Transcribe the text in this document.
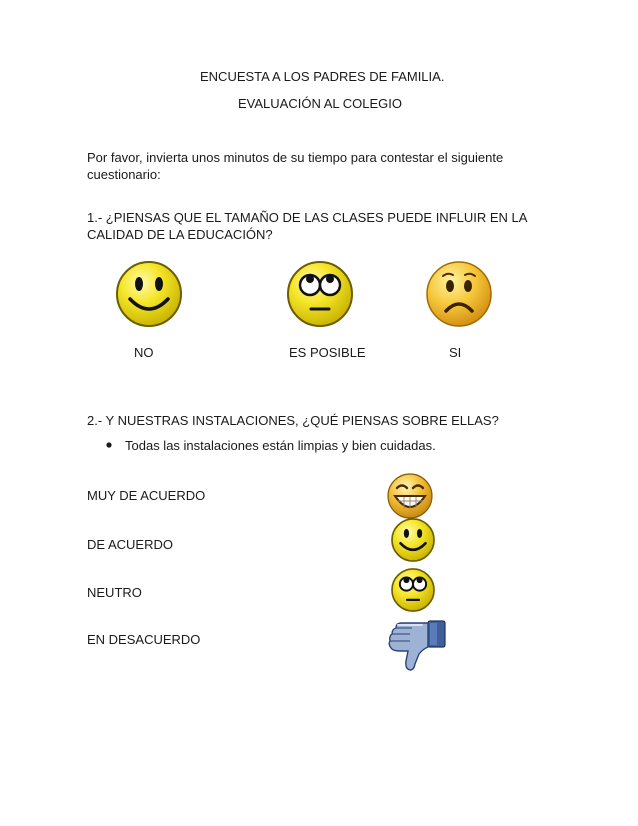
ENCUESTA A LOS PADRES DE FAMILIA.
EVALUACIÓN AL COLEGIO
Por favor, invierta unos minutos de su tiempo para contestar el siguiente
cuestionario:
1.- ¿PIENSAS QUE EL TAMAÑO DE LAS CLASES PUEDE INFLUIR EN LA
CALIDAD DE LA EDUCACIÓN?
NO	ES POSIBLE	SI
2.- Y NUESTRAS INSTALACIONES, ¿QUÉ PIENSAS SOBRE ELLAS?
Todas las instalaciones están limpias y bien cuidadas.
MUY DE ACUERDO
DE ACUERDO
NEUTRO
EN DESACUERDO
